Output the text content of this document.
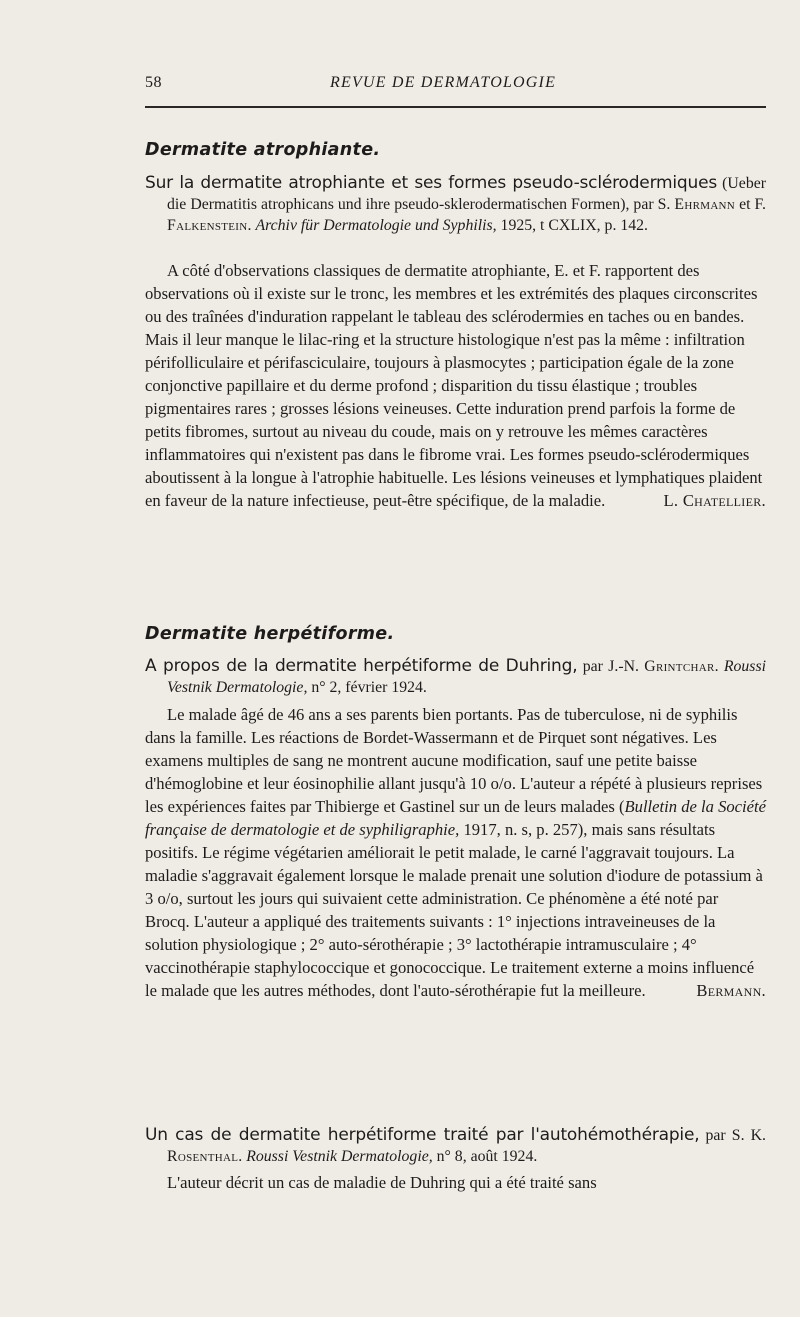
58	REVUE DE DERMATOLOGIE
Dermatite atrophiante.

Sur la dermatite atrophiante et ses formes pseudo-sclérodermiques (Ueber die Dermatitis atrophicans und ihre pseudo-sklerodermatischen Formen), par S. Ehrmann et F. Falkenstein. Archiv für Dermatologie und Syphilis, 1925, t CXLIX, p. 142.

A côté d'observations classiques de dermatite atrophiante, E. et F. rapportent des observations où il existe sur le tronc, les membres et les extrémités des plaques circonscrites ou des traînées d'induration rappelant le tableau des sclérodermies en taches ou en bandes. Mais il leur manque le lilac-ring et la structure histologique n'est pas la même : infiltration périfolliculaire et périfasciculaire, toujours à plasmocytes ; participation égale de la zone conjonctive papillaire et du derme profond ; disparition du tissu élastique ; troubles pigmentaires rares ; grosses lésions veineuses. Cette induration prend parfois la forme de petits fibromes, surtout au niveau du coude, mais on y retrouve les mêmes caractères inflammatoires qui n'existent pas dans le fibrome vrai. Les formes pseudo-sclérodermiques aboutissent à la longue à l'atrophie habituelle. Les lésions veineuses et lymphatiques plaident en faveur de la nature infectieuse, peut-être spécifique, de la maladie.	L. Chatellier.

Dermatite herpétiforme.

A propos de la dermatite herpétiforme de Duhring, par J.-N. Grintchar. Roussi Vestnik Dermatologie, n° 2, février 1924.

Le malade âgé de 46 ans a ses parents bien portants. Pas de tuberculose, ni de syphilis dans la famille. Les réactions de Bordet-Wassermann et de Pirquet sont négatives. Les examens multiples de sang ne montrent aucune modification, sauf une petite baisse d'hémoglobine et leur éosinophilie allant jusqu'à 10 o/o. L'auteur a répété à plusieurs reprises les expériences faites par Thibierge et Gastinel sur un de leurs malades (Bulletin de la Société française de dermatologie et de syphiligraphie, 1917, n. s, p. 257), mais sans résultats positifs. Le régime végétarien améliorait le petit malade, le carné l'aggravait toujours. La maladie s'aggravait également lorsque le malade prenait une solution d'iodure de potassium à 3 o/o, surtout les jours qui suivaient cette administration. Ce phénomène a été noté par Brocq. L'auteur a appliqué des traitements suivants : 1° injections intraveineuses de la solution physiologique ; 2° auto-sérothérapie ; 3° lactothérapie intramusculaire ; 4° vaccinothérapie staphylococcique et gonococcique. Le traitement externe a moins influencé le malade que les autres méthodes, dont l'auto-sérothérapie fut la meilleure.	Bermann.

Un cas de dermatite herpétiforme traité par l'autohémothérapie, par S. K. Rosenthal. Roussi Vestnik Dermatologie, n° 8, août 1924.

L'auteur décrit un cas de maladie de Duhring qui a été traité sans
